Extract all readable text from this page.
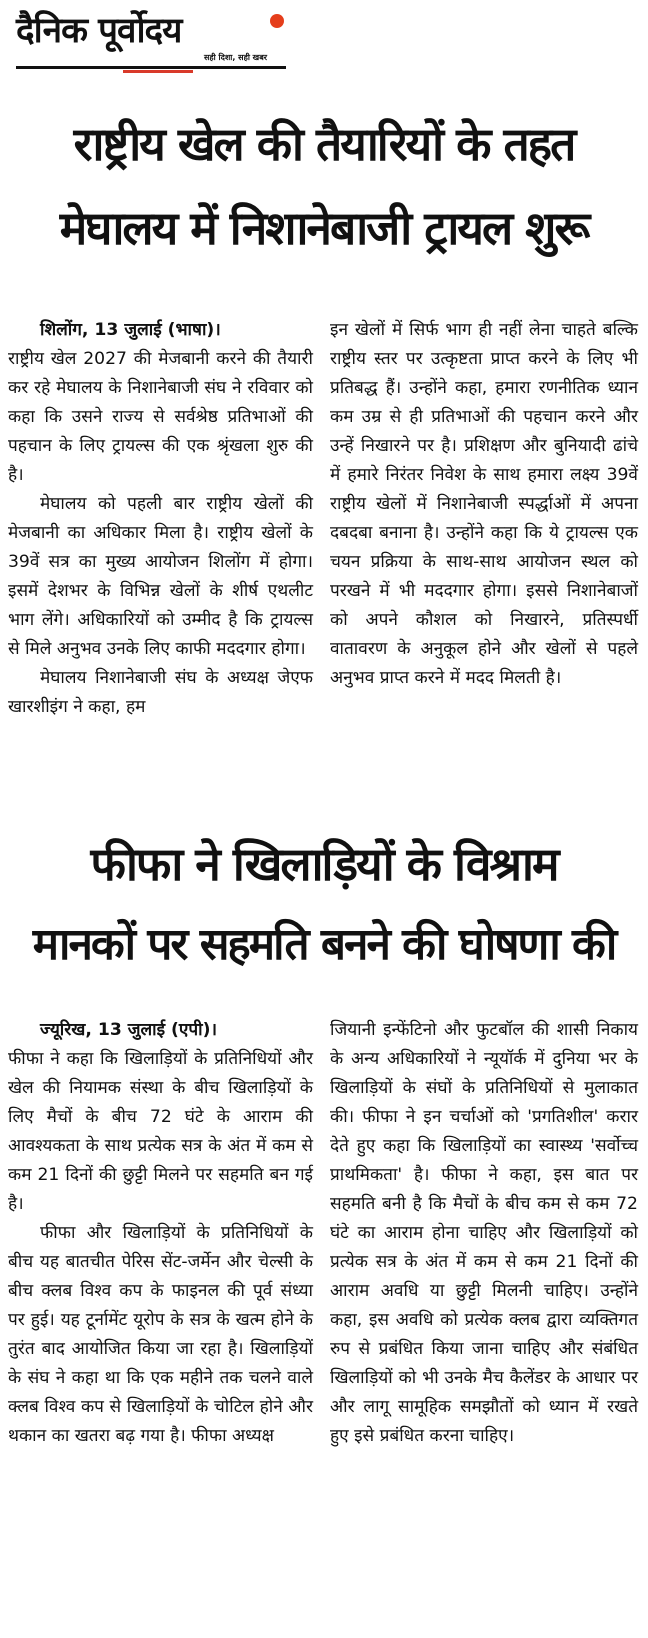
दैनिक पूर्वोदय
सही दिशा, सही खबर
राष्ट्रीय खेल की तैयारियों के तहत
मेघालय में निशानेबाजी ट्रायल शुरू

शिलोंग, 13 जुलाई (भाषा)।

राष्ट्रीय खेल 2027 की मेजबानी करने की तैयारी कर रहे मेघालय के निशानेबाजी संघ ने रविवार को कहा कि उसने राज्य से सर्वश्रेष्ठ प्रतिभाओं की पहचान के लिए ट्रायल्स की एक श्रृंखला शुरु की है।

मेघालय को पहली बार राष्ट्रीय खेलों की मेजबानी का अधिकार मिला है। राष्ट्रीय खेलों के 39वें सत्र का मुख्य आयोजन शिलोंग में होगा। इसमें देशभर के विभिन्न खेलों के शीर्ष एथलीट भाग लेंगे। अधिकारियों को उम्मीद है कि ट्रायल्स से मिले अनुभव उनके लिए काफी मददगार होगा।

मेघालय निशानेबाजी संघ के अध्यक्ष जेएफ खारशीइंग ने कहा, हम

इन खेलों में सिर्फ भाग ही नहीं लेना चाहते बल्कि राष्ट्रीय स्तर पर उत्कृष्टता प्राप्त करने के लिए भी प्रतिबद्ध हैं। उन्होंने कहा, हमारा रणनीतिक ध्यान कम उम्र से ही प्रतिभाओं की पहचान करने और उन्हें निखारने पर है। प्रशिक्षण और बुनियादी ढांचे में हमारे निरंतर निवेश के साथ हमारा लक्ष्य 39वें राष्ट्रीय खेलों में निशानेबाजी स्पर्द्धाओं में अपना दबदबा बनाना है। उन्होंने कहा कि ये ट्रायल्स एक चयन प्रक्रिया के साथ-साथ आयोजन स्थल को परखने में भी मददगार होगा। इससे निशानेबाजों को अपने कौशल को निखारने, प्रतिस्पर्धी वातावरण के अनुकूल होने और खेलों से पहले अनुभव प्राप्त करने में मदद मिलती है।

फीफा ने खिलाड़ियों के विश्राम
मानकों पर सहमति बनने की घोषणा की

ज्यूरिख, 13 जुलाई (एपी)।

फीफा ने कहा कि खिलाड़ियों के प्रतिनिधियों और खेल की नियामक संस्था के बीच खिलाड़ियों के लिए मैचों के बीच 72 घंटे के आराम की आवश्यकता के साथ प्रत्येक सत्र के अंत में कम से कम 21 दिनों की छुट्टी मिलने पर सहमति बन गई है।

फीफा और खिलाड़ियों के प्रतिनिधियों के बीच यह बातचीत पेरिस सेंट-जर्मेन और चेल्सी के बीच क्लब विश्व कप के फाइनल की पूर्व संध्या पर हुई। यह टूर्नामेंट यूरोप के सत्र के खत्म होने के तुरंत बाद आयोजित किया जा रहा है। खिलाड़ियों के संघ ने कहा था कि एक महीने तक चलने वाले क्लब विश्व कप से खिलाड़ियों के चोटिल होने और थकान का खतरा बढ़ गया है। फीफा अध्यक्ष

जियानी इन्फेंटिनो और फुटबॉल की शासी निकाय के अन्य अधिकारियों ने न्यूयॉर्क में दुनिया भर के खिलाड़ियों के संघों के प्रतिनिधियों से मुलाकात की। फीफा ने इन चर्चाओं को 'प्रगतिशील' करार देते हुए कहा कि खिलाड़ियों का स्वास्थ्य 'सर्वोच्च प्राथमिकता' है। फीफा ने कहा, इस बात पर सहमति बनी है कि मैचों के बीच कम से कम 72 घंटे का आराम होना चाहिए और खिलाड़ियों को प्रत्येक सत्र के अंत में कम से कम 21 दिनों की आराम अवधि या छुट्टी मिलनी चाहिए। उन्होंने कहा, इस अवधि को प्रत्येक क्लब द्वारा व्यक्तिगत रुप से प्रबंधित किया जाना चाहिए और संबंधित खिलाड़ियों को भी उनके मैच कैलेंडर के आधार पर और लागू सामूहिक समझौतों को ध्यान में रखते हुए इसे प्रबंधित करना चाहिए।
